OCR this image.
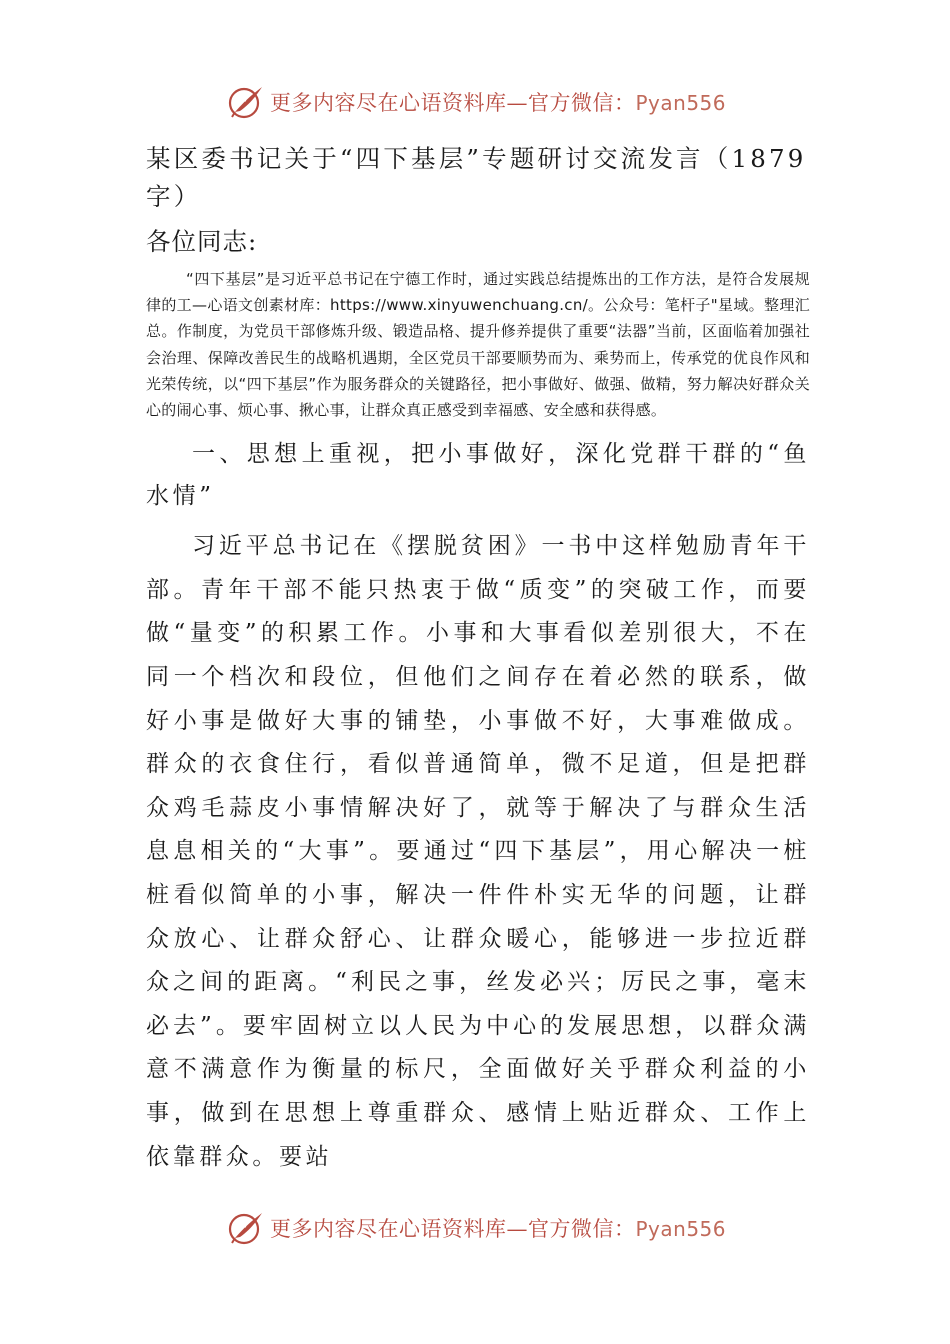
更多内容尽在心语资料库—官方微信：Pyan556
某区委书记关于“四下基层”专题研讨交流发言（1879字）
各位同志:

“四下基层”是习近平总书记在宁德工作时，通过实践总结提炼出的工作方法，是符合发展规律的工—心语文创素材库：https://www.xinyuwenchuang.cn/。公众号：笔杆子"星域。整理汇总。作制度，为党员干部修炼升级、锻造品格、提升修养提供了重要“法器”当前，区面临着加强社会治理、保障改善民生的战略机遇期，全区党员干部要顺势而为、乘势而上，传承党的优良作风和光荣传统，以“四下基层”作为服务群众的关键路径，把小事做好、做强、做精，努力解决好群众关心的闹心事、烦心事、揪心事，让群众真正感受到幸福感、安全感和获得感。

一、思想上重视，把小事做好，深化党群干群的“鱼水情”

习近平总书记在《摆脱贫困》一书中这样勉励青年干部。青年干部不能只热衷于做“质变”的突破工作，而要做“量变”的积累工作。小事和大事看似差别很大，不在同一个档次和段位，但他们之间存在着必然的联系，做好小事是做好大事的铺垫，小事做不好，大事难做成。群众的衣食住行，看似普通简单，微不足道，但是把群众鸡毛蒜皮小事情解决好了，就等于解决了与群众生活息息相关的“大事”。要通过“四下基层”，用心解决一桩桩看似简单的小事，解决一件件朴实无华的问题，让群众放心、让群众舒心、让群众暖心，能够进一步拉近群众之间的距离。“利民之事，丝发必兴；厉民之事，毫末必去”。要牢固树立以人民为中心的发展思想，以群众满意不满意作为衡量的标尺，全面做好关乎群众利益的小事，做到在思想上尊重群众、感情上贴近群众、工作上依靠群众。要站

更多内容尽在心语资料库—官方微信：Pyan556
